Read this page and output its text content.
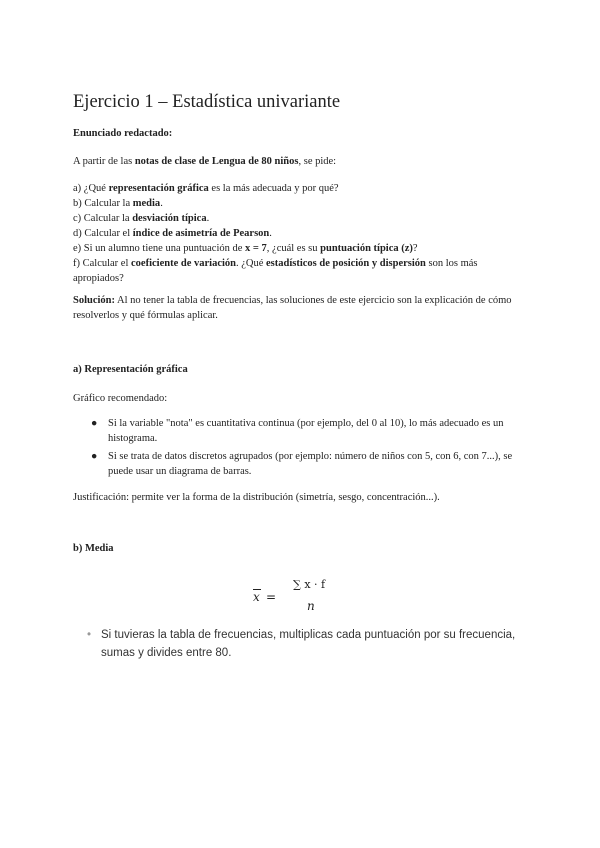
Ejercicio 1 – Estadística univariante

Enunciado redactado:

A partir de las notas de clase de Lengua de 80 niños, se pide:

a) ¿Qué representación gráfica es la más adecuada y por qué?
b) Calcular la media.
c) Calcular la desviación típica.
d) Calcular el índice de asimetría de Pearson.
e) Si un alumno tiene una puntuación de x = 7, ¿cuál es su puntuación típica (z)?
f) Calcular el coeficiente de variación. ¿Qué estadísticos de posición y dispersión son los más apropiados?

Solución: Al no tener la tabla de frecuencias, las soluciones de este ejercicio son la explicación de cómo resolverlos y qué fórmulas aplicar.

a) Representación gráfica

Gráfico recomendado:

● Si la variable "nota" es cuantitativa continua (por ejemplo, del 0 al 10), lo más adecuado es un histograma.
● Si se trata de datos discretos agrupados (por ejemplo: número de niños con 5, con 6, con 7...), se puede usar un diagrama de barras.

Justificación: permite ver la forma de la distribución (simetría, sesgo, concentración...).

b) Media

x =
∑ x · f
n
• Si tuvieras la tabla de frecuencias, multiplicas cada puntuación por su frecuencia, sumas y divides entre 80.
